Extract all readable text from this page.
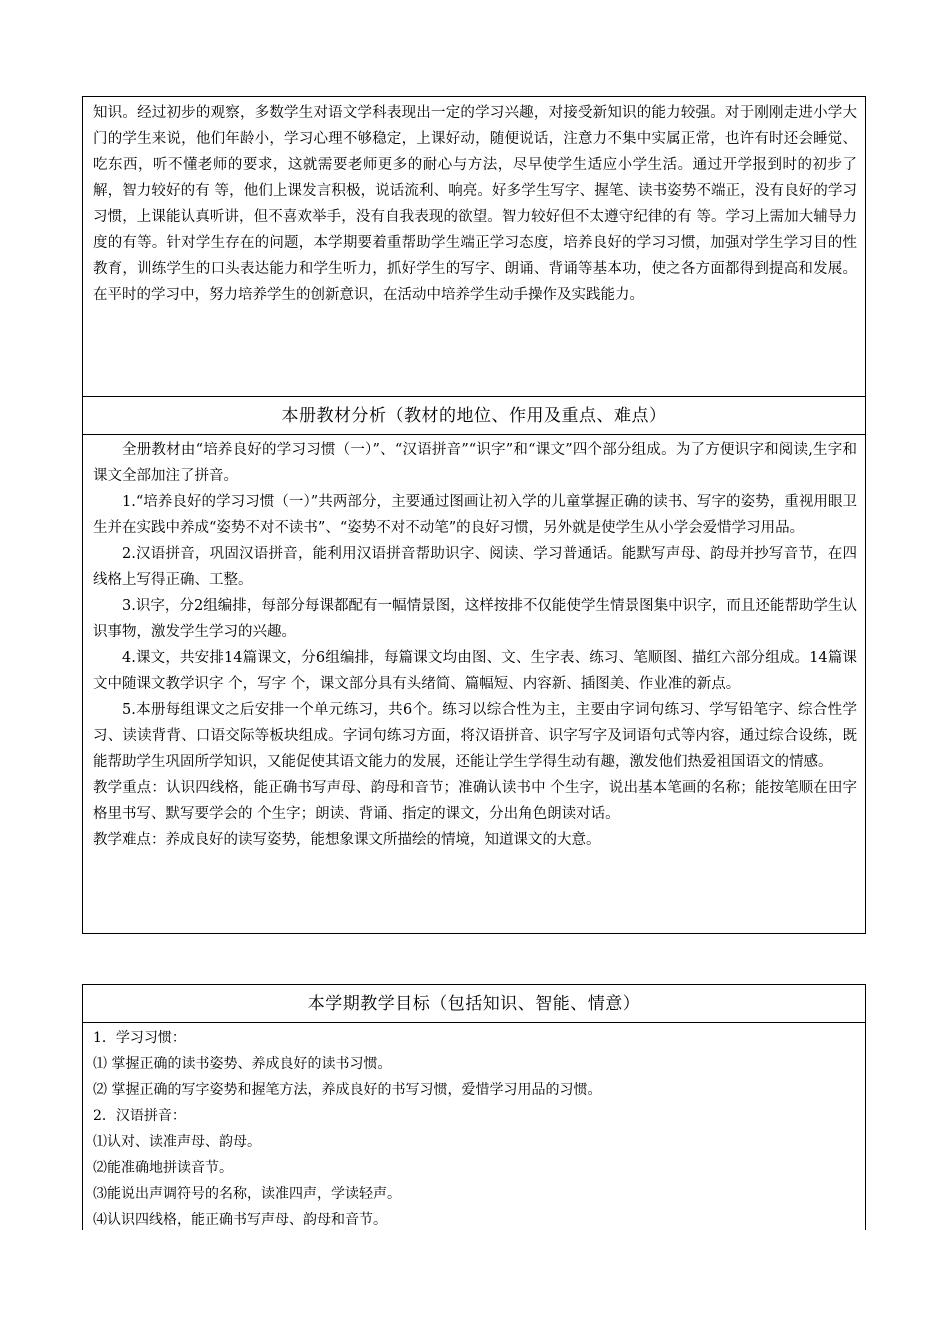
知识。经过初步的观察，多数学生对语文学科表现出一定的学习兴趣，对接受新知识的能力较强。对于刚刚走进小学大门的学生来说，他们年龄小，学习心理不够稳定，上课好动，随便说话，注意力不集中实属正常，也许有时还会睡觉、吃东西，听不懂老师的要求，这就需要老师更多的耐心与方法，尽早使学生适应小学生活。通过开学报到时的初步了解，智力较好的有 等，他们上课发言积极，说话流利、响亮。好多学生写字、握笔、读书姿势不端正，没有良好的学习习惯，上课能认真听讲，但不喜欢举手，没有自我表现的欲望。智力较好但不太遵守纪律的有 等。学习上需加大辅导力度的有等。针对学生存在的问题，本学期要着重帮助学生端正学习态度，培养良好的学习习惯，加强对学生学习目的性教育，训练学生的口头表达能力和学生听力，抓好学生的写字、朗诵、背诵等基本功，使之各方面都得到提高和发展。在平时的学习中，努力培养学生的创新意识，在活动中培养学生动手操作及实践能力。

本册教材分析（教材的地位、作用及重点、难点）

全册教材由“培养良好的学习习惯（一）”、“汉语拼音”“识字”和“课文”四个部分组成。为了方便识字和阅读,生字和课文全部加注了拼音。

1.“培养良好的学习习惯（一）”共两部分，主要通过图画让初入学的儿童掌握正确的读书、写字的姿势，重视用眼卫生并在实践中养成“姿势不对不读书”、“姿势不对不动笔”的良好习惯，另外就是使学生从小学会爱惜学习用品。

2.汉语拼音，巩固汉语拼音，能利用汉语拼音帮助识字、阅读、学习普通话。能默写声母、韵母并抄写音节，在四线格上写得正确、工整。

3.识字，分2组编排，每部分每课都配有一幅情景图，这样按排不仅能使学生情景图集中识字，而且还能帮助学生认识事物，激发学生学习的兴趣。

4.课文，共安排14篇课文，分6组编排，每篇课文均由图、文、生字表、练习、笔顺图、描红六部分组成。14篇课文中随课文教学识字 个，写字 个，课文部分具有头绪简、篇幅短、内容新、插图美、作业准的新点。

5.本册每组课文之后安排一个单元练习，共6个。练习以综合性为主，主要由字词句练习、学写铅笔字、综合性学习、读读背背、口语交际等板块组成。字词句练习方面，将汉语拼音、识字写字及词语句式等内容，通过综合设练，既能帮助学生巩固所学知识，又能促使其语文能力的发展，还能让学生学得生动有趣，激发他们热爱祖国语文的情感。

教学重点：认识四线格，能正确书写声母、韵母和音节；准确认读书中 个生字，说出基本笔画的名称；能按笔顺在田字格里书写、默写要学会的 个生字；朗读、背诵、指定的课文，分出角色朗读对话。

教学难点：养成良好的读写姿势，能想象课文所描绘的情境，知道课文的大意。

本学期教学目标（包括知识、智能、情意）

1．学习习惯：

⑴ 掌握正确的读书姿势、养成良好的读书习惯。

⑵ 掌握正确的写字姿势和握笔方法，养成良好的书写习惯，爱惜学习用品的习惯。

2．汉语拼音：

⑴认对、读准声母、韵母。

⑵能准确地拼读音节。

⑶能说出声调符号的名称，读准四声，学读轻声。

⑷认识四线格，能正确书写声母、韵母和音节。
